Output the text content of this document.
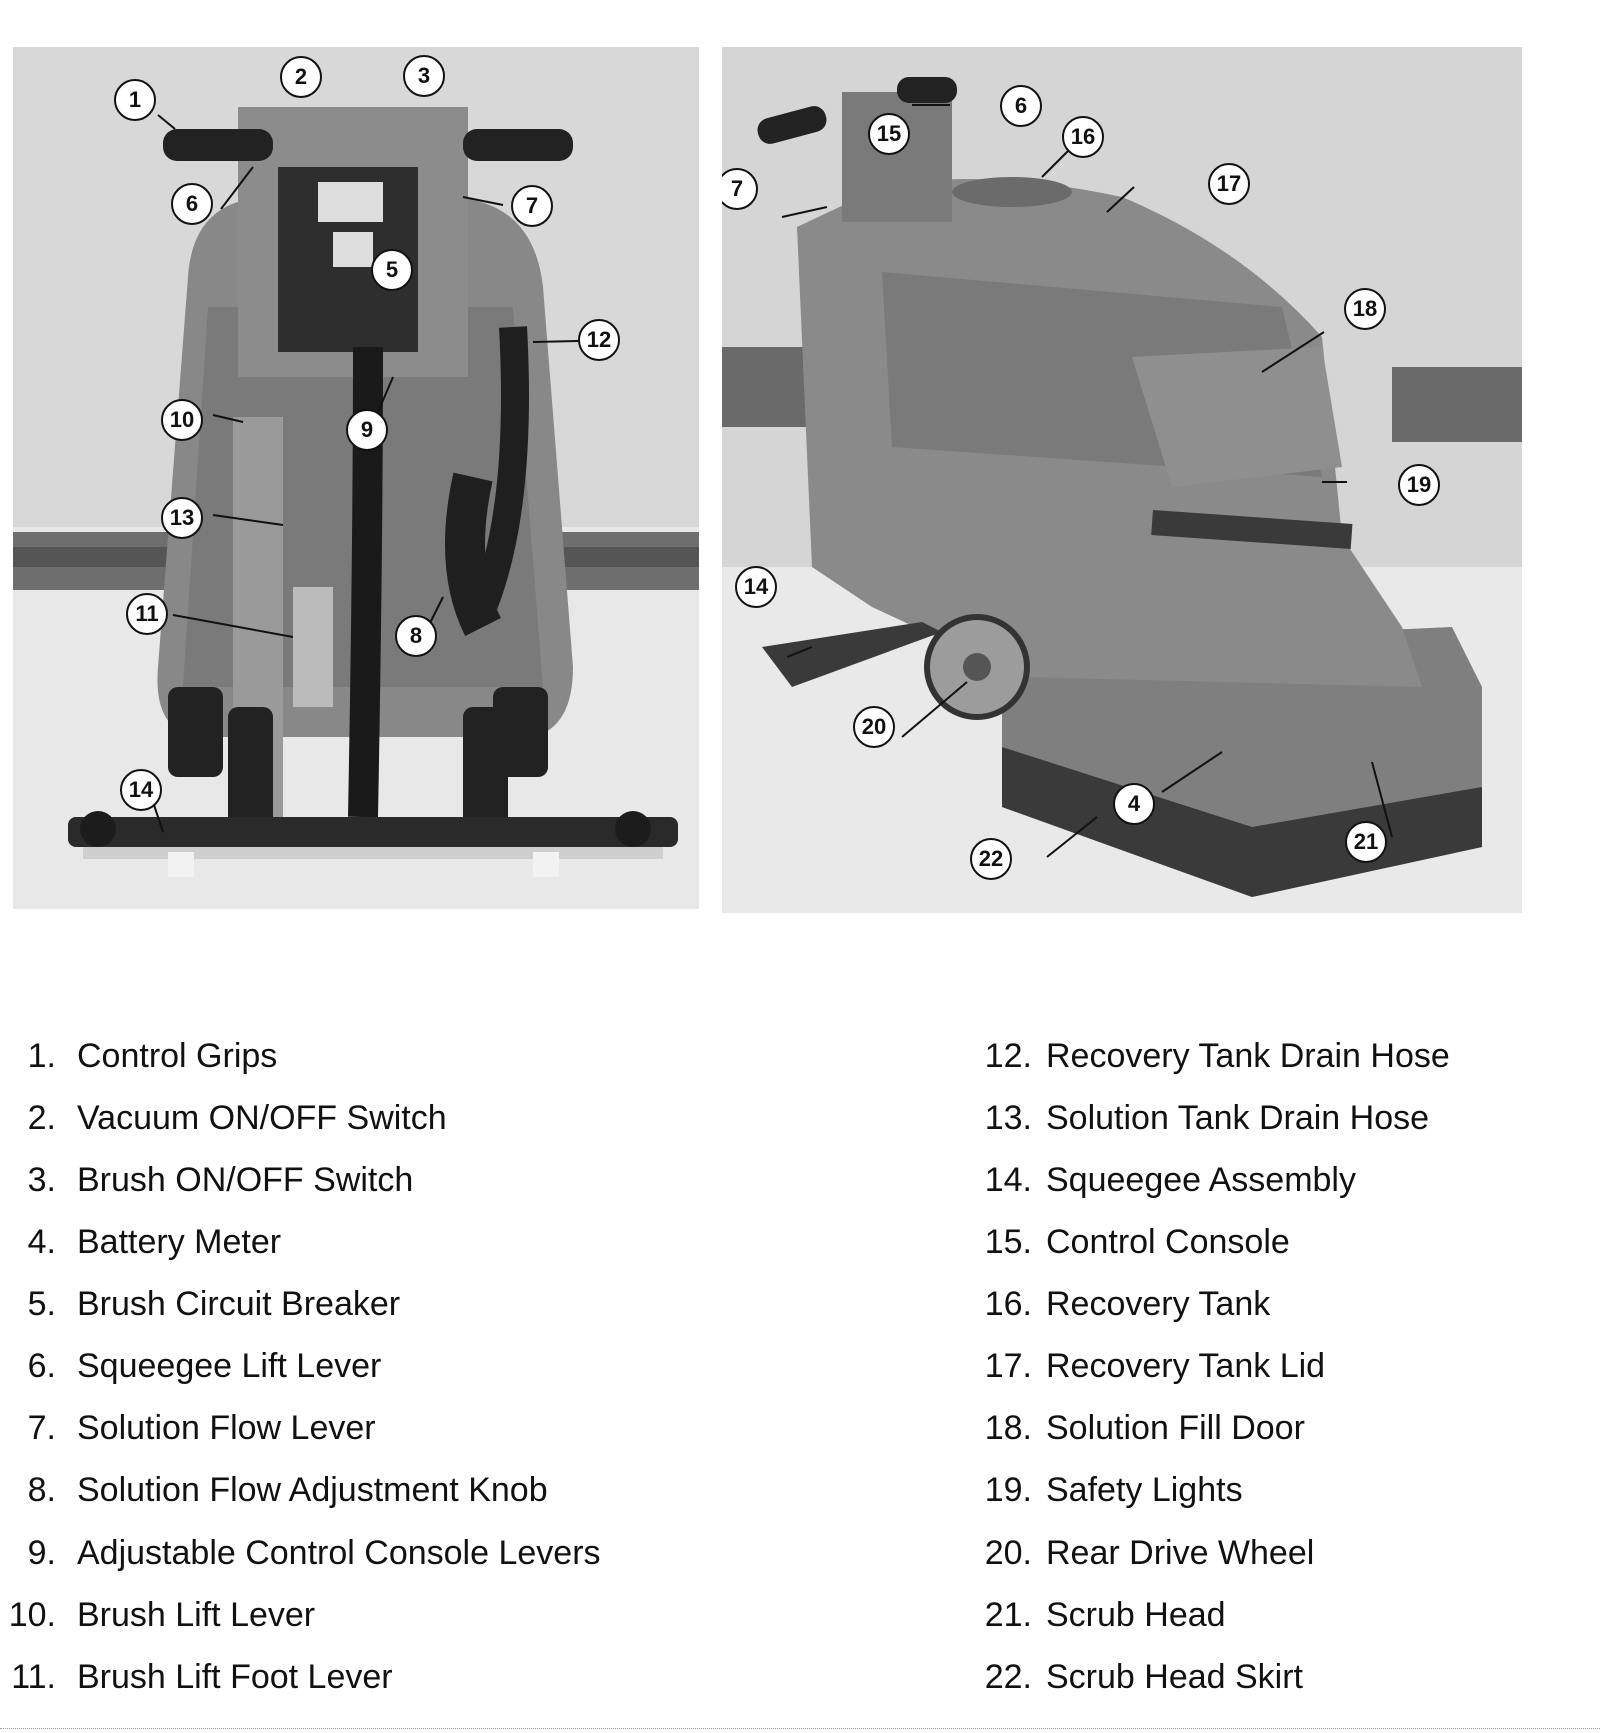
1
2	3
5
6	7
9
10
11
12
13
14
8
6
7
15	16
17
18
19
14
20
4
21
22
1. Control Grips
2. Vacuum ON/OFF Switch
3. Brush ON/OFF Switch
4. Battery Meter
5. Brush Circuit Breaker
6. Squeegee Lift Lever
7. Solution Flow Lever
8. Solution Flow Adjustment Knob
9. Adjustable Control Console Levers
10. Brush Lift Lever
11. Brush Lift Foot Lever
12. Recovery Tank Drain Hose
13. Solution Tank Drain Hose
14. Squeegee Assembly
15. Control Console
16. Recovery Tank
17. Recovery Tank Lid
18. Solution Fill Door
19. Safety Lights
20. Rear Drive Wheel
21. Scrub Head
22. Scrub Head Skirt
